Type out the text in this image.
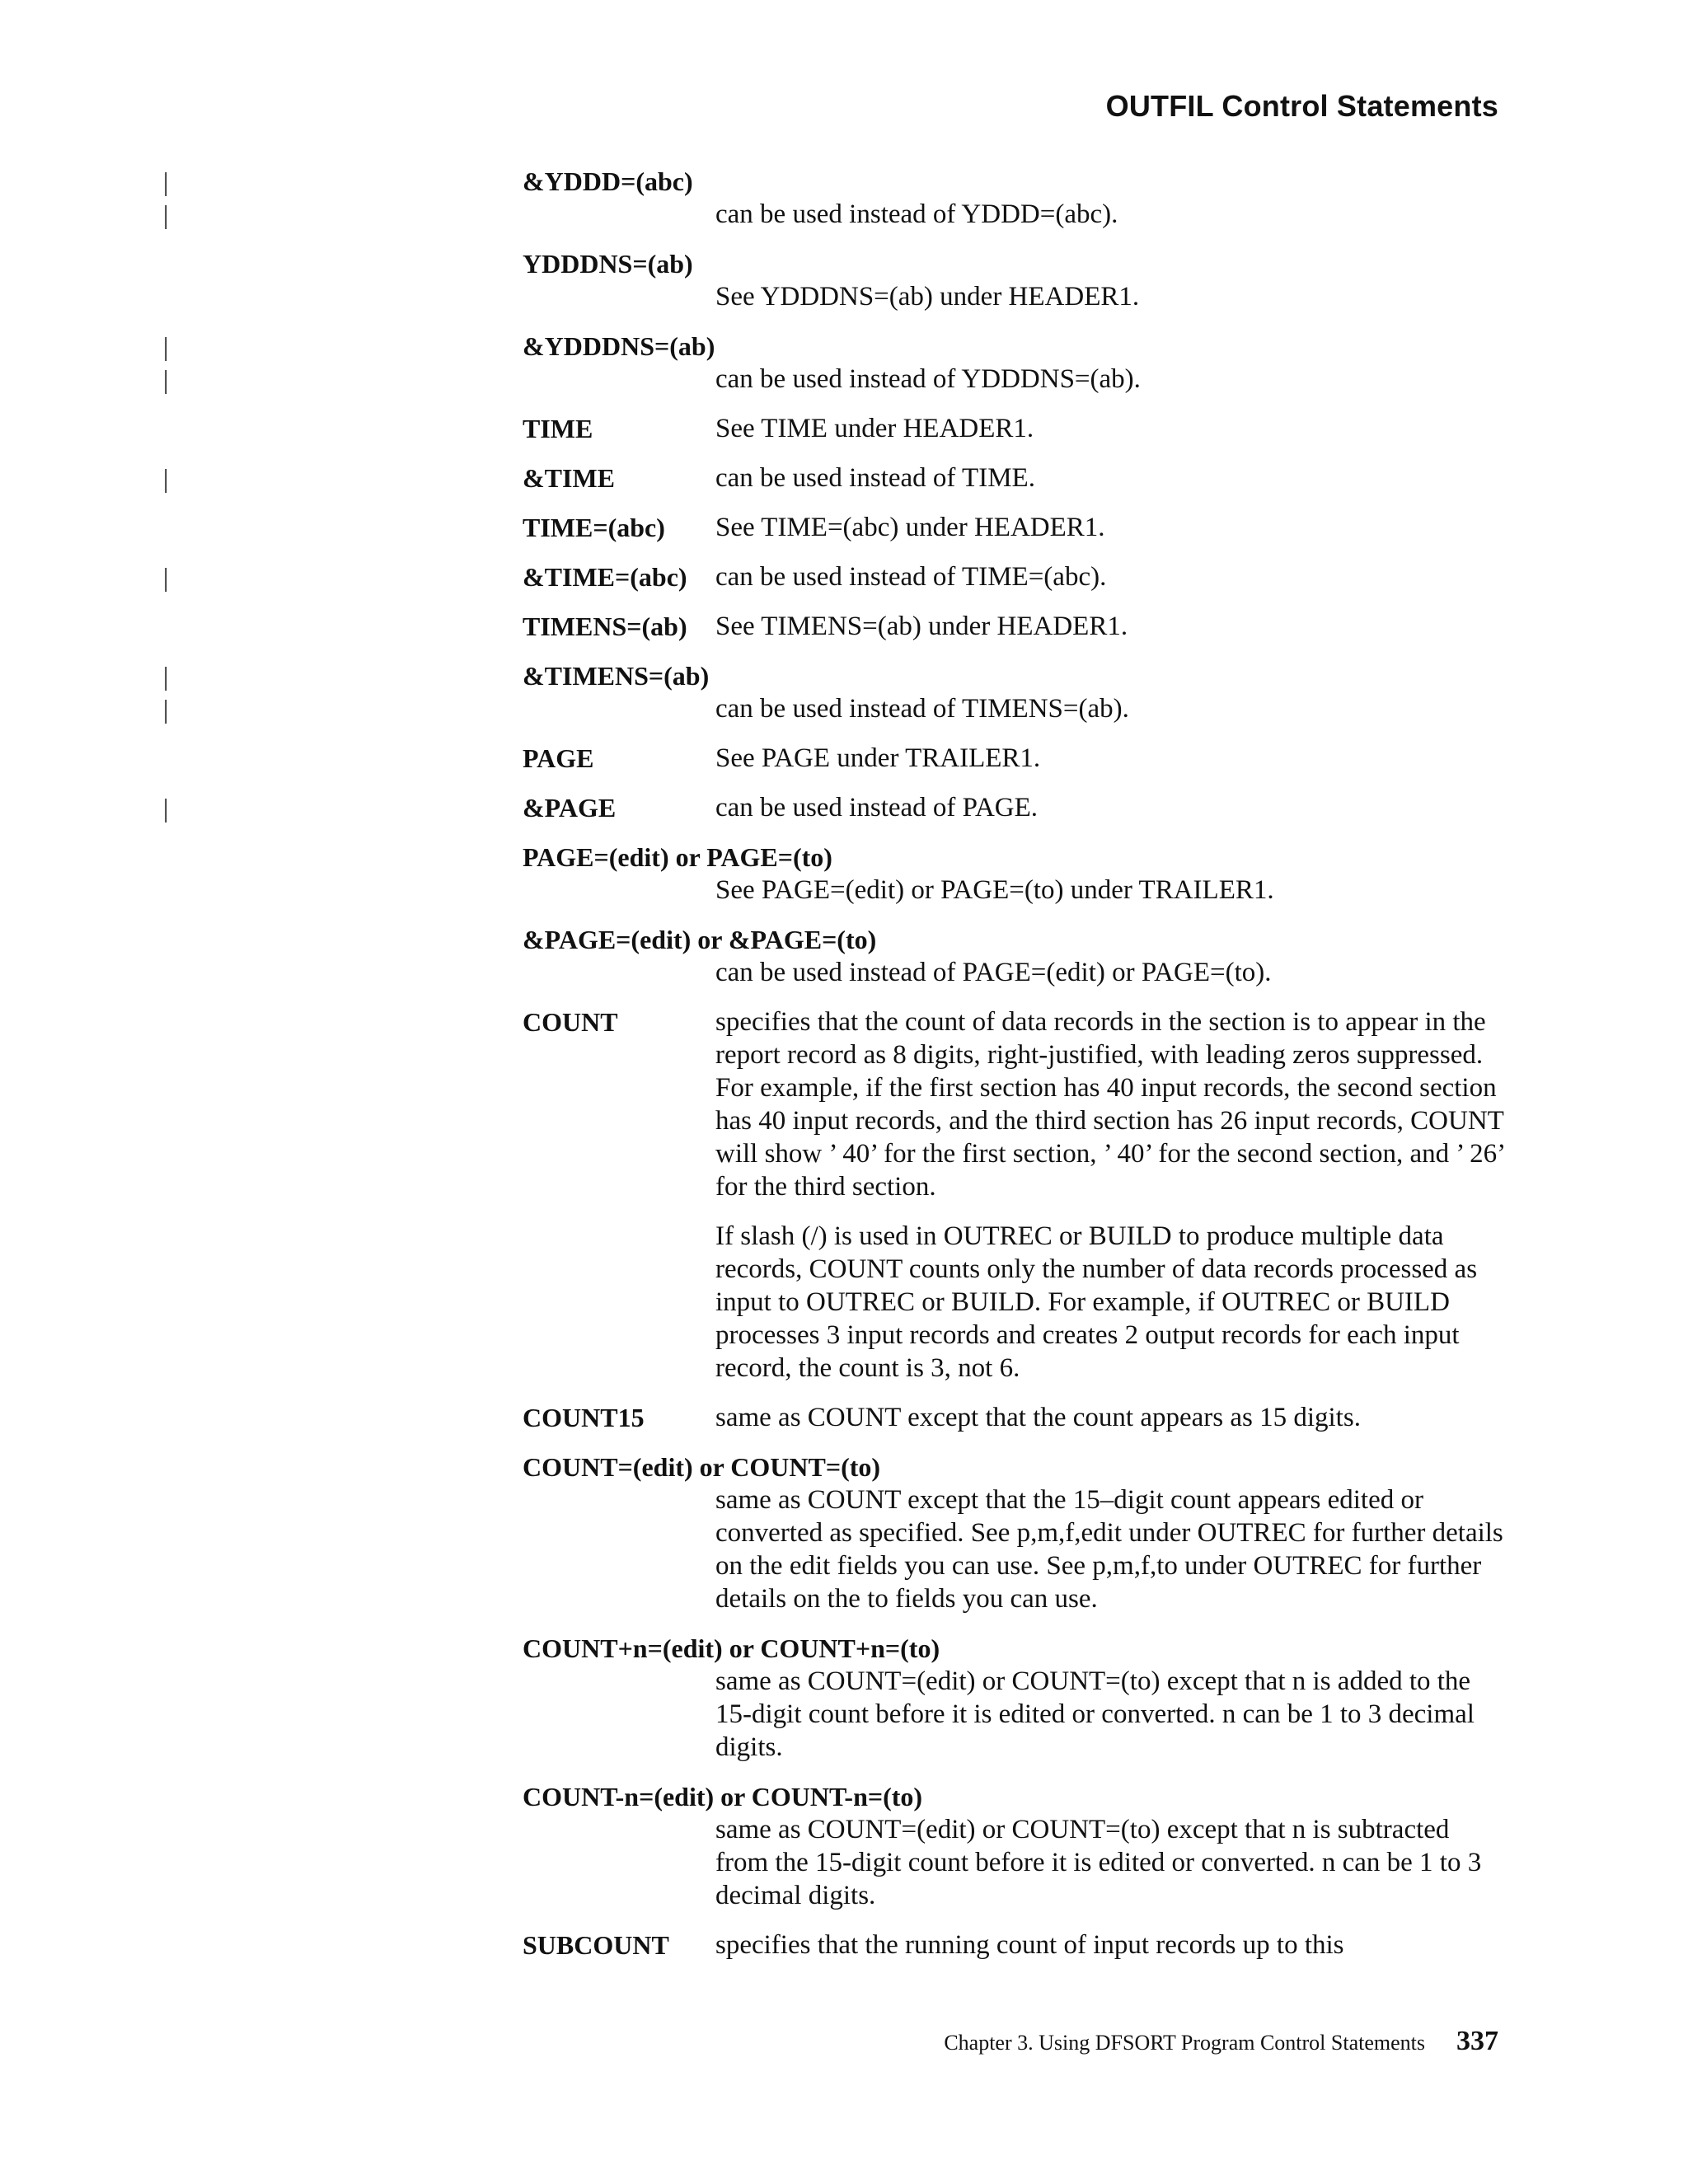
OUTFIL Control Statements
|	&YDDD=(abc)

can be used instead of YDDD=(abc).

|
YDDDNS=(ab)

See YDDDNS=(ab) under HEADER1.

|	&YDDDNS=(ab)

can be used instead of YDDDNS=(ab).

|
TIME	See TIME under HEADER1.

|	&TIME	can be used instead of TIME.

TIME=(abc) See TIME=(abc) under HEADER1.

|	&TIME=(abc) can be used instead of TIME=(abc).

TIMENS=(ab) See TIMENS=(ab) under HEADER1.

|	&TIMENS=(ab)

can be used instead of TIMENS=(ab).

|
PAGE	See PAGE under TRAILER1.

|	&PAGE	can be used instead of PAGE.

PAGE=(edit) or PAGE=(to)

See PAGE=(edit) or PAGE=(to) under TRAILER1.

&PAGE=(edit) or &PAGE=(to)

can be used instead of PAGE=(edit) or PAGE=(to).

COUNT	specifies that the count of data records in the section is to appear in the report record as 8 digits, right-justified, with leading zeros suppressed. For example, if the first section has 40 input records, the second section has 40 input records, and the third section has 26 input records, COUNT will show ’ 40’ for the first section, ’ 40’ for the second section, and ’ 26’ for the third section.

If slash (/) is used in OUTREC or BUILD to produce multiple data records, COUNT counts only the number of data records processed as input to OUTREC or BUILD. For example, if OUTREC or BUILD processes 3 input records and creates 2 output records for each input record, the count is 3, not 6.

COUNT15	same as COUNT except that the count appears as 15 digits.

COUNT=(edit) or COUNT=(to)

same as COUNT except that the 15–digit count appears edited or converted as specified. See p,m,f,edit under OUTREC for further details on the edit fields you can use. See p,m,f,to under OUTREC for further details on the to fields you can use.

COUNT+n=(edit) or COUNT+n=(to)

same as COUNT=(edit) or COUNT=(to) except that n is added to the 15-digit count before it is edited or converted. n can be 1 to 3 decimal digits.

COUNT-n=(edit) or COUNT-n=(to)

same as COUNT=(edit) or COUNT=(to) except that n is subtracted from the 15-digit count before it is edited or converted. n can be 1 to 3 decimal digits.

SUBCOUNT specifies that the running count of input records up to this

Chapter 3. Using DFSORT Program Control Statements 337
